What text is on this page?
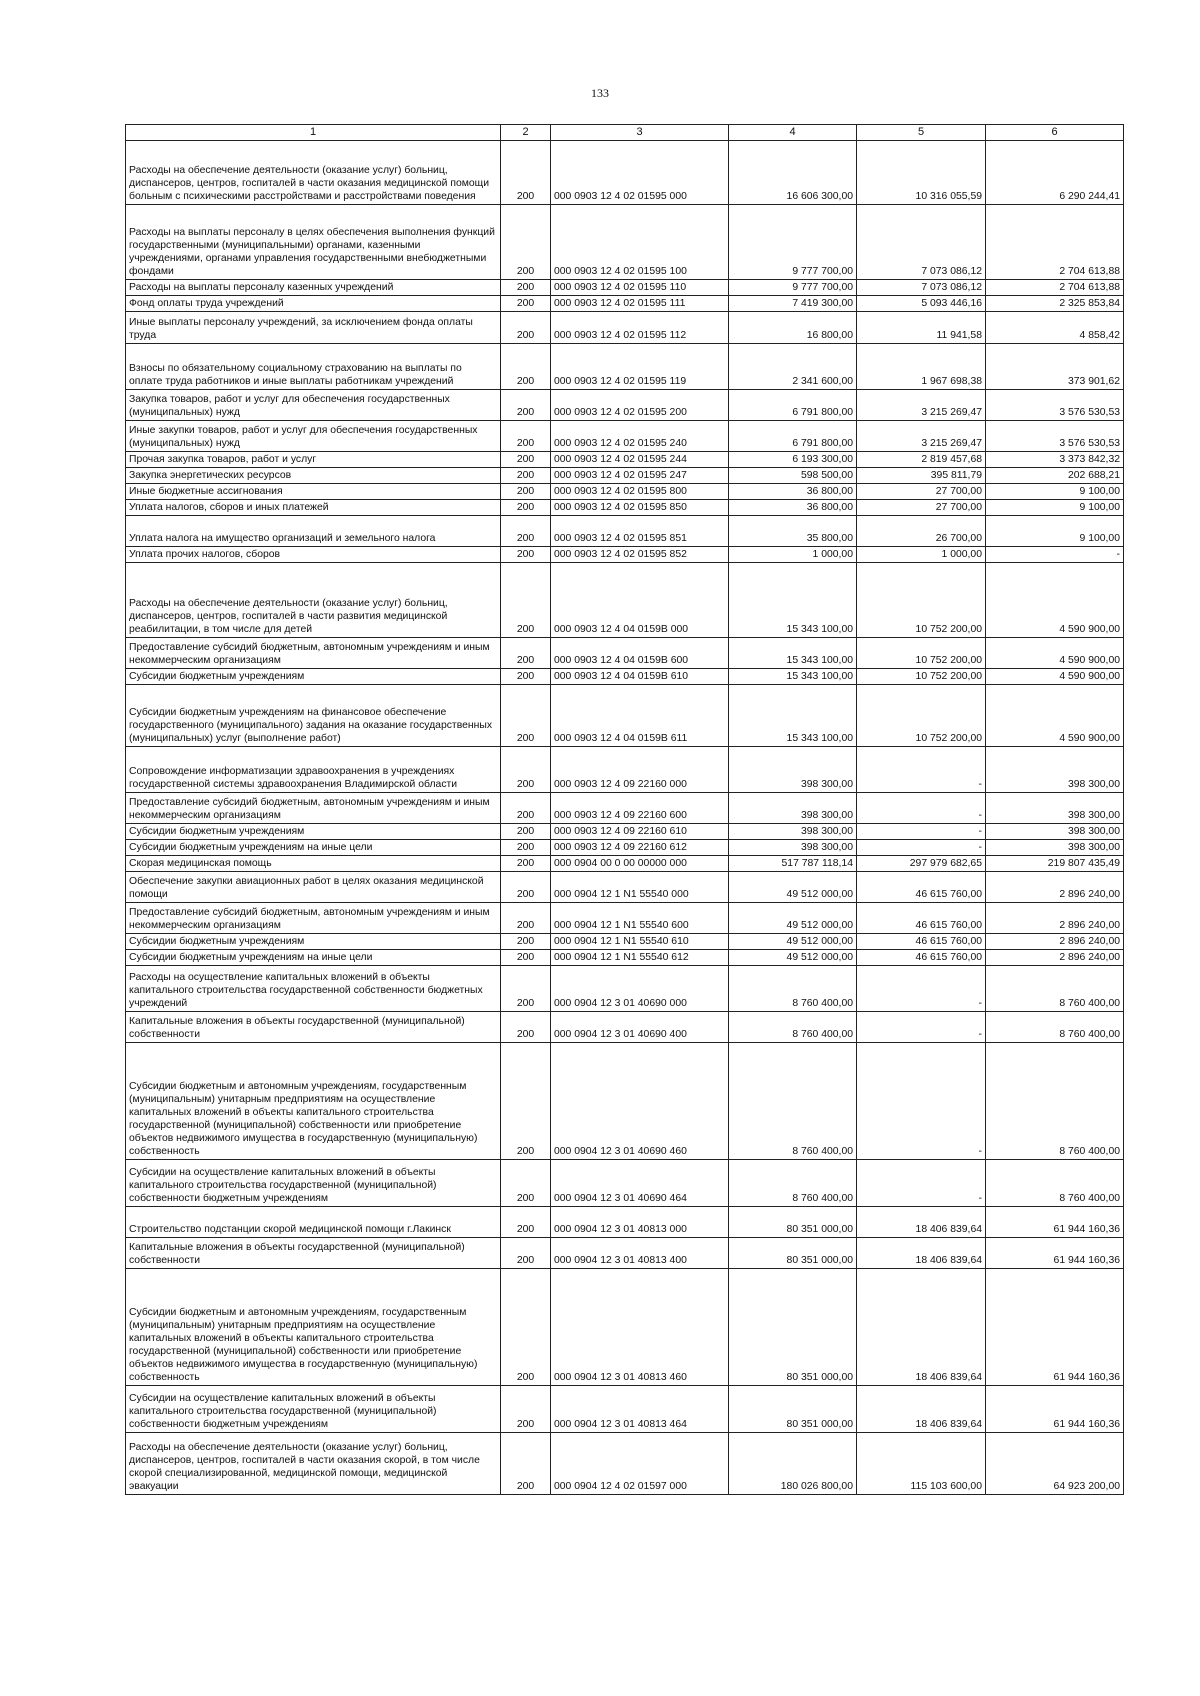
133
1	2	3	4	5	6
Расходы на обеспечение деятельности (оказание услуг) больниц, диспансеров, центров, госпиталей в части оказания медицинской помощи больным с психическими расстройствами и расстройствами поведения	200	000 0903 12 4 02 01595 000	16 606 300,00	10 316 055,59	6 290 244,41
Расходы на выплаты персоналу в целях обеспечения выполнения функций государственными (муниципальными) органами, казенными учреждениями, органами управления государственными внебюджетными фондами	200	000 0903 12 4 02 01595 100	9 777 700,00	7 073 086,12	2 704 613,88
Расходы на выплаты персоналу казенных учреждений	200	000 0903 12 4 02 01595 110	9 777 700,00	7 073 086,12	2 704 613,88
Фонд оплаты труда учреждений	200	000 0903 12 4 02 01595 111	7 419 300,00	5 093 446,16	2 325 853,84
Иные выплаты персоналу учреждений, за исключением фонда оплаты труда	200	000 0903 12 4 02 01595 112	16 800,00	11 941,58	4 858,42
Взносы по обязательному социальному страхованию на выплаты по оплате труда работников и иные выплаты работникам учреждений	200	000 0903 12 4 02 01595 119	2 341 600,00	1 967 698,38	373 901,62
Закупка товаров, работ и услуг для обеспечения государственных (муниципальных) нужд	200	000 0903 12 4 02 01595 200	6 791 800,00	3 215 269,47	3 576 530,53
Иные закупки товаров, работ и услуг для обеспечения государственных (муниципальных) нужд	200	000 0903 12 4 02 01595 240	6 791 800,00	3 215 269,47	3 576 530,53
Прочая закупка товаров, работ и услуг	200	000 0903 12 4 02 01595 244	6 193 300,00	2 819 457,68	3 373 842,32
Закупка энергетических ресурсов	200	000 0903 12 4 02 01595 247	598 500,00	395 811,79	202 688,21
Иные бюджетные ассигнования	200	000 0903 12 4 02 01595 800	36 800,00	27 700,00	9 100,00
Уплата налогов, сборов и иных платежей	200	000 0903 12 4 02 01595 850	36 800,00	27 700,00	9 100,00
Уплата налога на имущество организаций и земельного налога	200	000 0903 12 4 02 01595 851	35 800,00	26 700,00	9 100,00
Уплата прочих налогов, сборов	200	000 0903 12 4 02 01595 852	1 000,00	1 000,00	-
Расходы на обеспечение деятельности (оказание услуг) больниц, диспансеров, центров, госпиталей в части развития медицинской реабилитации, в том числе для детей	200	000 0903 12 4 04 0159В 000	15 343 100,00	10 752 200,00	4 590 900,00
Предоставление субсидий бюджетным, автономным учреждениям и иным некоммерческим организациям	200	000 0903 12 4 04 0159В 600	15 343 100,00	10 752 200,00	4 590 900,00
Субсидии бюджетным учреждениям	200	000 0903 12 4 04 0159В 610	15 343 100,00	10 752 200,00	4 590 900,00
Субсидии бюджетным учреждениям на финансовое обеспечение государственного (муниципального) задания на оказание государственных (муниципальных) услуг (выполнение работ)	200	000 0903 12 4 04 0159В 611	15 343 100,00	10 752 200,00	4 590 900,00
Сопровождение информатизации здравоохранения в учреждениях государственной системы здравоохранения Владимирской области	200	000 0903 12 4 09 22160 000	398 300,00	-	398 300,00
Предоставление субсидий бюджетным, автономным учреждениям и иным некоммерческим организациям	200	000 0903 12 4 09 22160 600	398 300,00	-	398 300,00
Субсидии бюджетным учреждениям	200	000 0903 12 4 09 22160 610	398 300,00	-	398 300,00
Субсидии бюджетным учреждениям на иные цели	200	000 0903 12 4 09 22160 612	398 300,00	-	398 300,00
Скорая медицинская помощь	200	000 0904 00 0 00 00000 000	517 787 118,14	297 979 682,65	219 807 435,49
Обеспечение закупки авиационных работ в целях оказания медицинской помощи	200	000 0904 12 1 N1 55540 000	49 512 000,00	46 615 760,00	2 896 240,00
Предоставление субсидий бюджетным, автономным учреждениям и иным некоммерческим организациям	200	000 0904 12 1 N1 55540 600	49 512 000,00	46 615 760,00	2 896 240,00
Субсидии бюджетным учреждениям	200	000 0904 12 1 N1 55540 610	49 512 000,00	46 615 760,00	2 896 240,00
Субсидии бюджетным учреждениям на иные цели	200	000 0904 12 1 N1 55540 612	49 512 000,00	46 615 760,00	2 896 240,00
Расходы на осуществление капитальных вложений в объекты капитального строительства государственной собственности бюджетных учреждений	200	000 0904 12 3 01 40690 000	8 760 400,00	-	8 760 400,00
Капитальные вложения в объекты государственной (муниципальной) собственности	200	000 0904 12 3 01 40690 400	8 760 400,00	-	8 760 400,00
Субсидии бюджетным и автономным учреждениям, государственным (муниципальным) унитарным предприятиям на осуществление капитальных вложений в объекты капитального строительства государственной (муниципальной) собственности или приобретение объектов недвижимого имущества в государственную (муниципальную) собственность	200	000 0904 12 3 01 40690 460	8 760 400,00	-	8 760 400,00
Субсидии на осуществление капитальных вложений в объекты капитального строительства государственной (муниципальной) собственности бюджетным учреждениям	200	000 0904 12 3 01 40690 464	8 760 400,00	-	8 760 400,00
Строительство подстанции скорой медицинской помощи г.Лакинск	200	000 0904 12 3 01 40813 000	80 351 000,00	18 406 839,64	61 944 160,36
Капитальные вложения в объекты государственной (муниципальной) собственности	200	000 0904 12 3 01 40813 400	80 351 000,00	18 406 839,64	61 944 160,36
Субсидии бюджетным и автономным учреждениям, государственным (муниципальным) унитарным предприятиям на осуществление капитальных вложений в объекты капитального строительства государственной (муниципальной) собственности или приобретение объектов недвижимого имущества в государственную (муниципальную) собственность	200	000 0904 12 3 01 40813 460	80 351 000,00	18 406 839,64	61 944 160,36
Субсидии на осуществление капитальных вложений в объекты капитального строительства государственной (муниципальной) собственности бюджетным учреждениям	200	000 0904 12 3 01 40813 464	80 351 000,00	18 406 839,64	61 944 160,36
Расходы на обеспечение деятельности (оказание услуг) больниц, диспансеров, центров, госпиталей в части оказания скорой, в том числе скорой специализированной, медицинской помощи, медицинской эвакуации	200	000 0904 12 4 02 01597 000	180 026 800,00	115 103 600,00	64 923 200,00
